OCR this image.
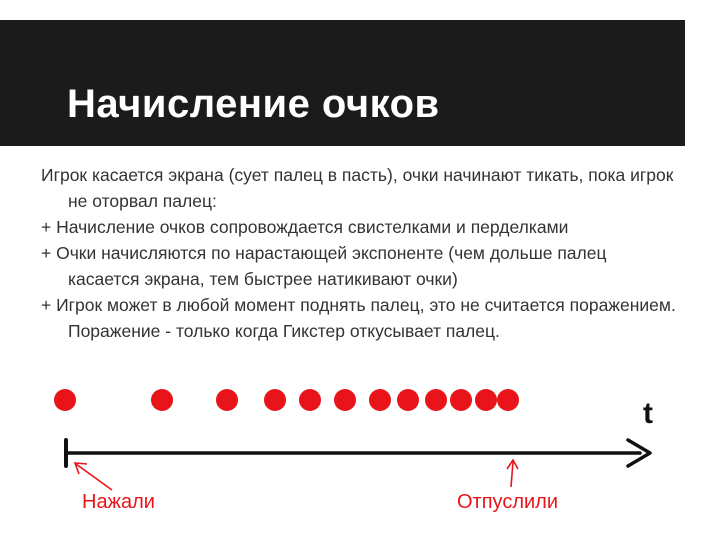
Начисление очков

Игрок касается экрана (сует палец в пасть), очки начинают тикать, пока игрок не оторвал палец:

+ Начисление очков сопровождается свистелками и перделками

+ Очки начисляются по нарастающей экспоненте (чем дольше палец касается экрана, тем быстрее натикивают очки)

+ Игрок может в любой момент поднять палец, это не считается поражением. Поражение - только когда Гикстер откусывает палец.

t
Нажали	Отпуслили
